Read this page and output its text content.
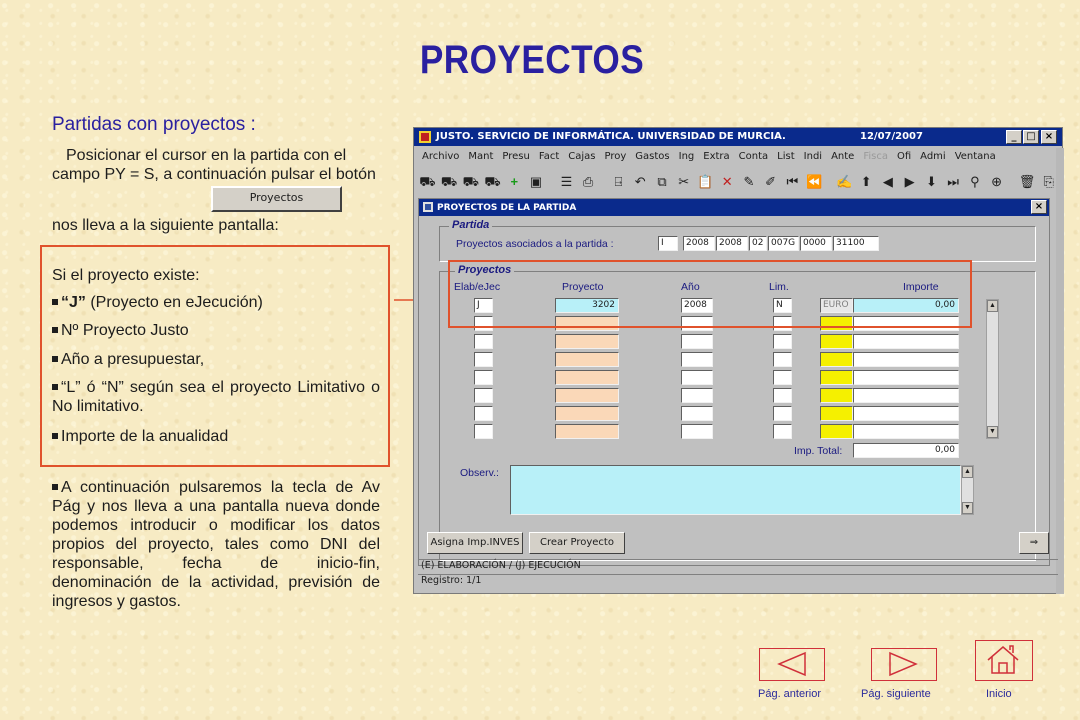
PROYECTOS
Partidas con proyectos :
Posicionar el cursor en la partida con el campo PY = S, a continuación pulsar el botón
Proyectos
nos lleva a la siguiente pantalla:
Si el proyecto existe:
“J” (Proyecto en eJecución)
Nº Proyecto Justo
Año a presupuestar,
“L” ó “N” según sea el proyecto Limitativo o No limitativo.
Importe de la anualidad
A continuación pulsaremos la tecla de Av Pág y nos lleva a una pantalla nueva donde podemos introducir o modificar los datos propios del proyecto, tales como DNI del responsable, fecha de inicio-fin, denominación de la actividad, previsión de ingresos y gastos.
JUSTO. SERVICIO DE INFORMÁTICA. UNIVERSIDAD DE MURCIA.	12/07/2007	_ □ ×
Archivo Mant Presu Fact Cajas Proy Gastos Ing Extra Conta List Indi Ante Fisca Ofi Admi Ventana
⛟ ⛟ ⛟ ⛟ + ▣ ☰ ⎙	⍈ ↶ ⧉ ✂ 📋 ✕ ✎ ✐ ⏮ ⏪ ✍ ⬆ ◀ ▶ ⬇ ⏭ ⚲ ⊕	🗑 ⎘
PROYECTOS DE LA PARTIDA	×
Partida
Proyectos asociados a la partida :	I	2008	2008	02 007G 0000	31100
Proyectos
Elab/eJec	Proyecto	Año	Lim.	Importe
J	3202	2008	N	EURO	0,00	▲
▼
Imp. Total:	0,00
Observ.:	▲
▼
Asigna Imp.INVES	Crear Proyecto	⇒
(E) ELABORACIÓN / (J) EJECUCIÓN
Registro: 1/1
Pág. anterior	Pág. siguiente	Inicio
